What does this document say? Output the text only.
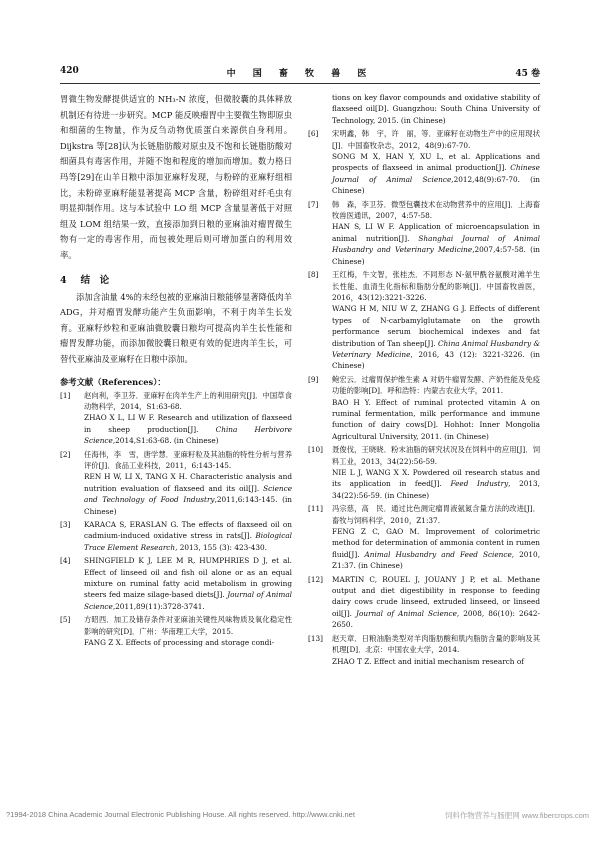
420	中 国 畜 牧 兽 医	45 卷

胃微生物发酵提供适宜的 NH₃-N 浓度，但微胶囊的具体释放机制还有待进一步研究。MCP 能反映瘤胃中主要微生物即原虫和细菌的生物量，作为反刍动物优质蛋白来源供自身利用。Dijkstra 等[28]认为长链脂肪酸对原虫及不饱和长链脂肪酸对细菌具有毒害作用，并随不饱和程度的增加而增加。数力格日玛等[29]在山羊日粮中添加亚麻籽发现，与粉碎的亚麻籽组相比，未粉碎亚麻籽能显著提高 MCP 含量，粉碎组对纤毛虫有明显抑制作用。这与本试验中 LO 组 MCP 含量显著低于对照组及 LOM 组结果一致，直接添加到日粮的亚麻油对瘤胃微生物有一定的毒害作用，而包被处理后则可增加蛋白的利用效率。

4 结　论

添加含油量 4%的未经包被的亚麻油日粮能够显著降低肉羊 ADG，并对瘤胃发酵功能产生负面影响，不利于肉羊生长发育。亚麻籽炒粒和亚麻油微胶囊日粮均可提高肉羊生长性能和瘤胃发酵功能，而添加微胶囊日粮更有效的促进肉羊生长，可替代亚麻油及亚麻籽在日粮中添加。

参考文献（References）：
[1] 赵向利，李卫芬．亚麻籽在肉羊生产上的利用研究[J]．中国草食动物科学，2014，S1:63-68.
ZHAO X L, LI W F. Research and utilization of flaxseed in sheep production[J]. China Herbivore Science,2014,S1:63-68. (in Chinese)
[2] 任海伟，李　雪，唐学慧．亚麻籽粒及其油脂的特性分析与营养评价[J]．食品工业科技，2011，6:143-145.
REN H W, LI X, TANG X H. Characteristic analysis and nutrition evaluation of flaxseed and its oil[J]. Science and Technology of Food Industry,2011,6:143-145. (in Chinese)
[3] KARACA S, ERASLAN G. The effects of flaxseed oil on cadmium-induced oxidative stress in rats[J]. Biological Trace Element Research, 2013, 155 (3): 423-430.
[4] SHINGFIELD K J, LEE M R, HUMPHRIES D J, et al. Effect of linseed oil and fish oil alone or as an equal mixture on ruminal fatty acid metabolism in growing steers fed maize silage-based diets[J]. Journal of Animal Science,2011,89(11):3728-3741.
[5] 方昭西．加工及储存条件对亚麻油关键性风味物质及氧化稳定性影响的研究[D]．广州：华南理工大学，2015.
FANG Z X. Effects of processing and storage condi-
tions on key flavor compounds and oxidative stability of flaxseed oil[D]. Guangzhou: South China University of Technology, 2015. (in Chinese)
[6] 宋明鑫，韩　宇，许　丽，等．亚麻籽在动物生产中的应用现状[J]．中国畜牧杂志，2012，48(9):67-70.
SONG M X, HAN Y, XU L, et al. Applications and prospects of flaxseed in animal production[J]. Chinese Journal of Animal Science,2012,48(9):67-70. (in Chinese)
[7] 韩　森，李卫芬．微型包囊技术在动物营养中的应用[J]．上海畜牧兽医通讯，2007，4:57-58.
HAN S, LI W F. Application of microencapsulation in animal nutrition[J]. Shanghai Journal of Animal Husbandry and Veterinary Medicine,2007,4:57-58. (in Chinese)
[8] 王红梅，牛文智，张桂杰．不同形态 N-氨甲酰谷氨酸对滩羊生长性能、血清生化指标和脂肪分配的影响[J]．中国畜牧兽医，2016，43(12):3221-3226.
WANG H M, NIU W Z, ZHANG G J. Effects of different types of N-carbamylglutamate on the growth performance serum biochemical indexes and fat distribution of Tan sheep[J]. China Animal Husbandry & Veterinary Medicine, 2016, 43 (12): 3221-3226. (in Chinese)
[9] 鲍宏云．过瘤胃保护维生素 A 对奶牛瘤胃发酵、产奶性能及免疫功能的影响[D]．呼和浩特：内蒙古农业大学，2011.
BAO H Y. Effect of ruminal protected vitamin A on ruminal fermentation, milk performance and immune function of dairy cows[D]. Hohhot: Inner Mongolia Agricultural University, 2011. (in Chinese)
[10] 聂俊伐，王晓晓．粉末油脂的研究状况及在饲料中的应用[J]．饲料工业，2013，34(22):56-59.
NIE L J, WANG X X. Powdered oil research status and its application in feed[J]. Feed Industry, 2013, 34(22):56-59. (in Chinese)
[11] 冯宗慈，高　民．通过比色测定瘤胃液氨氮含量方法的改进[J]．畜牧与饲料科学，2010，Z1:37.
FENG Z C, GAO M. Improvement of colorimetric method for determination of ammonia content in rumen fluid[J]. Animal Husbandry and Feed Science, 2010, Z1:37. (in Chinese)
[12] MARTIN C, ROUEL J, JOUANY J P, et al. Methane output and diet digestibility in response to feeding dairy cows crude linseed, extruded linseed, or linseed oil[J]. Journal of Animal Science, 2008, 86(10): 2642-2650.
[13] 赵天章．日粮油脂类型对羊肉脂肪酸和肌内脂肪含量的影响及其机理[D]．北京：中国农业大学，2014.
ZHAO T Z. Effect and initial mechanism research of
?1994-2018 China Academic Journal Electronic Publishing House. All rights reserved. http://www.cnki.net	饲料作物营养与肠肥网 www.fibercrops.com
